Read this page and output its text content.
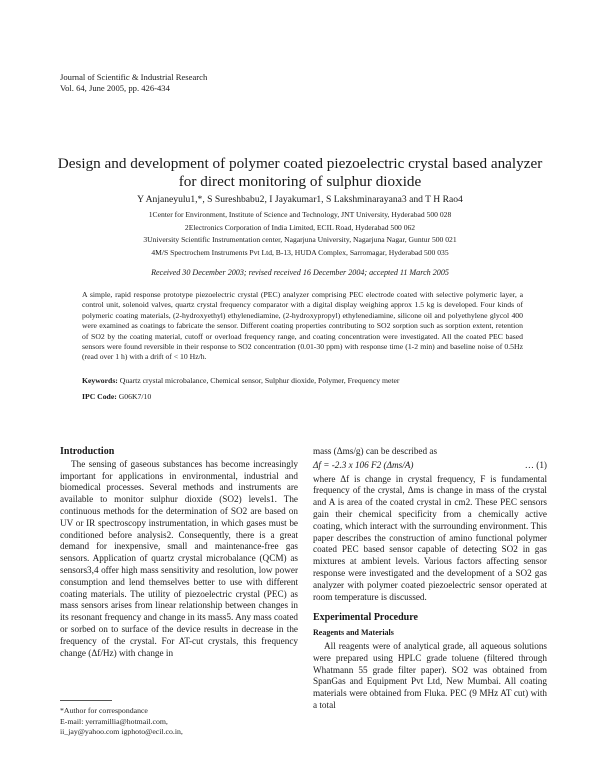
Journal of Scientific & Industrial Research
Vol. 64, June 2005, pp. 426-434
Design and development of polymer coated piezoelectric crystal based analyzer
for direct monitoring of sulphur dioxide
Y Anjaneyulu1,*, S Sureshbabu2, I Jayakumar1, S Lakshminarayana3 and T H Rao4
1Center for Environment, Institute of Science and Technology, JNT University, Hyderabad 500 028
2Electronics Corporation of India Limited, ECIL Road, Hyderabad 500 062
3University Scientific Instrumentation center, Nagarjuna University, Nagarjuna Nagar, Guntur 500 021
4M/S Spectrochem Instruments Pvt Ltd, B-13, HUDA Complex, Sarromagar, Hyderabad 500 035
Received 30 December 2003; revised received 16 December 2004; accepted 11 March 2005
A simple, rapid response prototype piezoelectric crystal (PEC) analyzer comprising PEC electrode coated with selective polymeric layer, a control unit, solenoid valves, quartz crystal frequency comparator with a digital display weighing approx 1.5 kg is developed. Four kinds of polymeric coating materials, (2-hydroxyethyl) ethylenediamine, (2-hydroxypropyl) ethylenediamine, silicone oil and polyethylene glycol 400 were examined as coatings to fabricate the sensor. Different coating properties contributing to SO2 sorption such as sorption extent, retention of SO2 by the coating material, cutoff or overload frequency range, and coating concentration were investigated. All the coated PEC based sensors were found reversible in their response to SO2 concentration (0.01-30 ppm) with response time (1-2 min) and baseline noise of 0.5Hz (read over 1 h) with a drift of < 10 Hz/h.
Keywords: Quartz crystal microbalance, Chemical sensor, Sulphur dioxide, Polymer, Frequency meter
IPC Code: G06K7/10
Introduction

The sensing of gaseous substances has become increasingly important for applications in environmental, industrial and biomedical processes. Several methods and instruments are available to monitor sulphur dioxide (SO2) levels1. The continuous methods for the determination of SO2 are based on UV or IR spectroscopy instrumentation, in which gases must be conditioned before analysis2. Consequently, there is a great demand for inexpensive, small and maintenance-free gas sensors. Application of quartz crystal microbalance (QCM) as sensors3,4 offer high mass sensitivity and resolution, low power consumption and lend themselves better to use with different coating materials. The utility of piezoelectric crystal (PEC) as mass sensors arises from linear relationship between changes in its resonant frequency and change in its mass5. Any mass coated or sorbed on to surface of the device results in decrease in the frequency of the crystal. For AT-cut crystals, this frequency change (Δf/Hz) with change in

mass (Δms/g) can be described as

Δf = -2.3 x 106 F2 (Δms/A)	… (1)

where Δf is change in crystal frequency, F is fundamental frequency of the crystal, Δms is change in mass of the crystal and A is area of the coated crystal in cm2. These PEC sensors gain their chemical specificity from a chemically active coating, which interact with the surrounding environment. This paper describes the construction of amino functional polymer coated PEC based sensor capable of detecting SO2 in gas mixtures at ambient levels. Various factors affecting sensor response were investigated and the development of a SO2 gas analyzer with polymer coated piezoelectric sensor operated at room temperature is discussed.

Experimental Procedure
Reagents and Materials

All reagents were of analytical grade, all aqueous solutions were prepared using HPLC grade toluene (filtered through Whatmann 55 grade filter paper). SO2 was obtained from SpanGas and Equipment Pvt Ltd, New Mumbai. All coating materials were obtained from Fluka. PEC (9 MHz AT cut) with a total

*Author for correspondance
E-mail: yerramillia@hotmail.com,
ii_jay@yahoo.com igphoto@ecil.co.in,
